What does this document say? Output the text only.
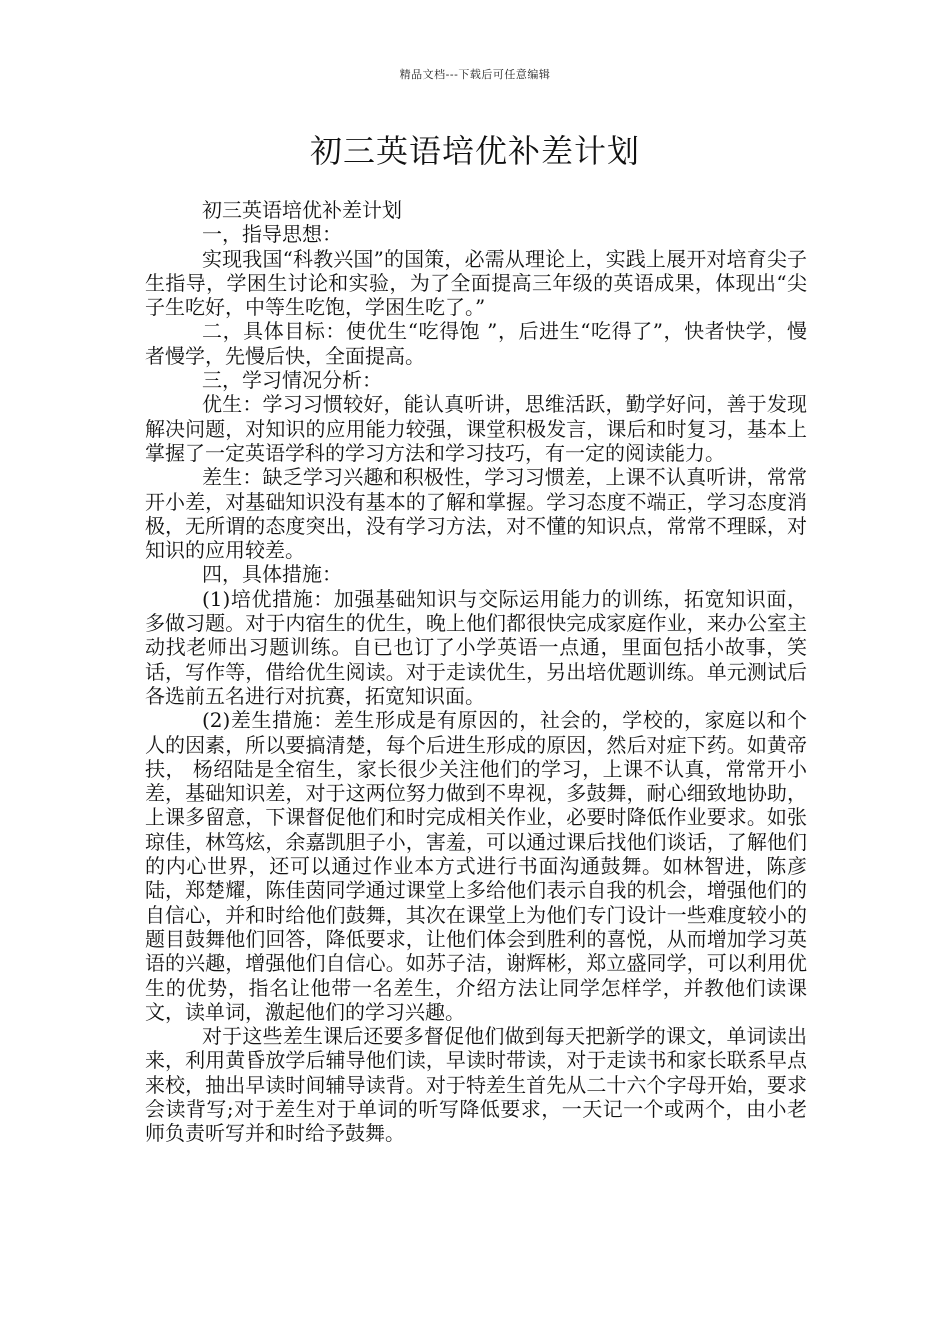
精品文档---下载后可任意编辑
初三英语培优补差计划

初三英语培优补差计划

一，指导思想：

实现我国“科教兴国”的国策，必需从理论上，实践上展开对培育尖子生指导，学困生讨论和实验，为了全面提高三年级的英语成果，体现出“尖子生吃好，中等生吃饱，学困生吃了。”

二，具体目标：使优生“吃得饱 ”，后进生“吃得了”，快者快学，慢者慢学，先慢后快，全面提高。

三，学习情况分析：

优生：学习习惯较好，能认真听讲，思维活跃，勤学好问，善于发现解决问题，对知识的应用能力较强，课堂积极发言，课后和时复习，基本上掌握了一定英语学科的学习方法和学习技巧，有一定的阅读能力。

差生：缺乏学习兴趣和积极性，学习习惯差，上课不认真听讲，常常开小差，对基础知识没有基本的了解和掌握。学习态度不端正，学习态度消极，无所谓的态度突出，没有学习方法，对不懂的知识点，常常不理睬，对知识的应用较差。

四，具体措施：

(1)培优措施：加强基础知识与交际运用能力的训练，拓宽知识面，多做习题。对于内宿生的优生，晚上他们都很快完成家庭作业，来办公室主动找老师出习题训练。自已也订了小学英语一点通，里面包括小故事，笑话，写作等，借给优生阅读。对于走读优生，另出培优题训练。单元测试后各选前五名进行对抗赛，拓宽知识面。

(2)差生措施：差生形成是有原因的，社会的，学校的，家庭以和个人的因素，所以要搞清楚，每个后进生形成的原因，然后对症下药。如黄帝扶， 杨绍陆是全宿生，家长很少关注他们的学习，上课不认真，常常开小差，基础知识差，对于这两位努力做到不卑视，多鼓舞，耐心细致地协助，上课多留意，下课督促他们和时完成相关作业，必要时降低作业要求。如张琼佳，林笃炫，余嘉凯胆子小，害羞，可以通过课后找他们谈话，了解他们的内心世界，还可以通过作业本方式进行书面沟通鼓舞。如林智进，陈彦陆，郑楚耀，陈佳茵同学通过课堂上多给他们表示自我的机会，增强他们的自信心，并和时给他们鼓舞，其次在课堂上为他们专门设计一些难度较小的题目鼓舞他们回答，降低要求，让他们体会到胜利的喜悦，从而增加学习英语的兴趣，增强他们自信心。如苏子洁，谢辉彬，郑立盛同学，可以利用优生的优势，指名让他带一名差生，介绍方法让同学怎样学，并教他们读课文，读单词，激起他们的学习兴趣。

对于这些差生课后还要多督促他们做到每天把新学的课文，单词读出来，利用黄昏放学后辅导他们读，早读时带读，对于走读书和家长联系早点来校，抽出早读时间辅导读背。对于特差生首先从二十六个字母开始，要求会读背写;对于差生对于单词的听写降低要求，一天记一个或两个，由小老师负责听写并和时给予鼓舞。
